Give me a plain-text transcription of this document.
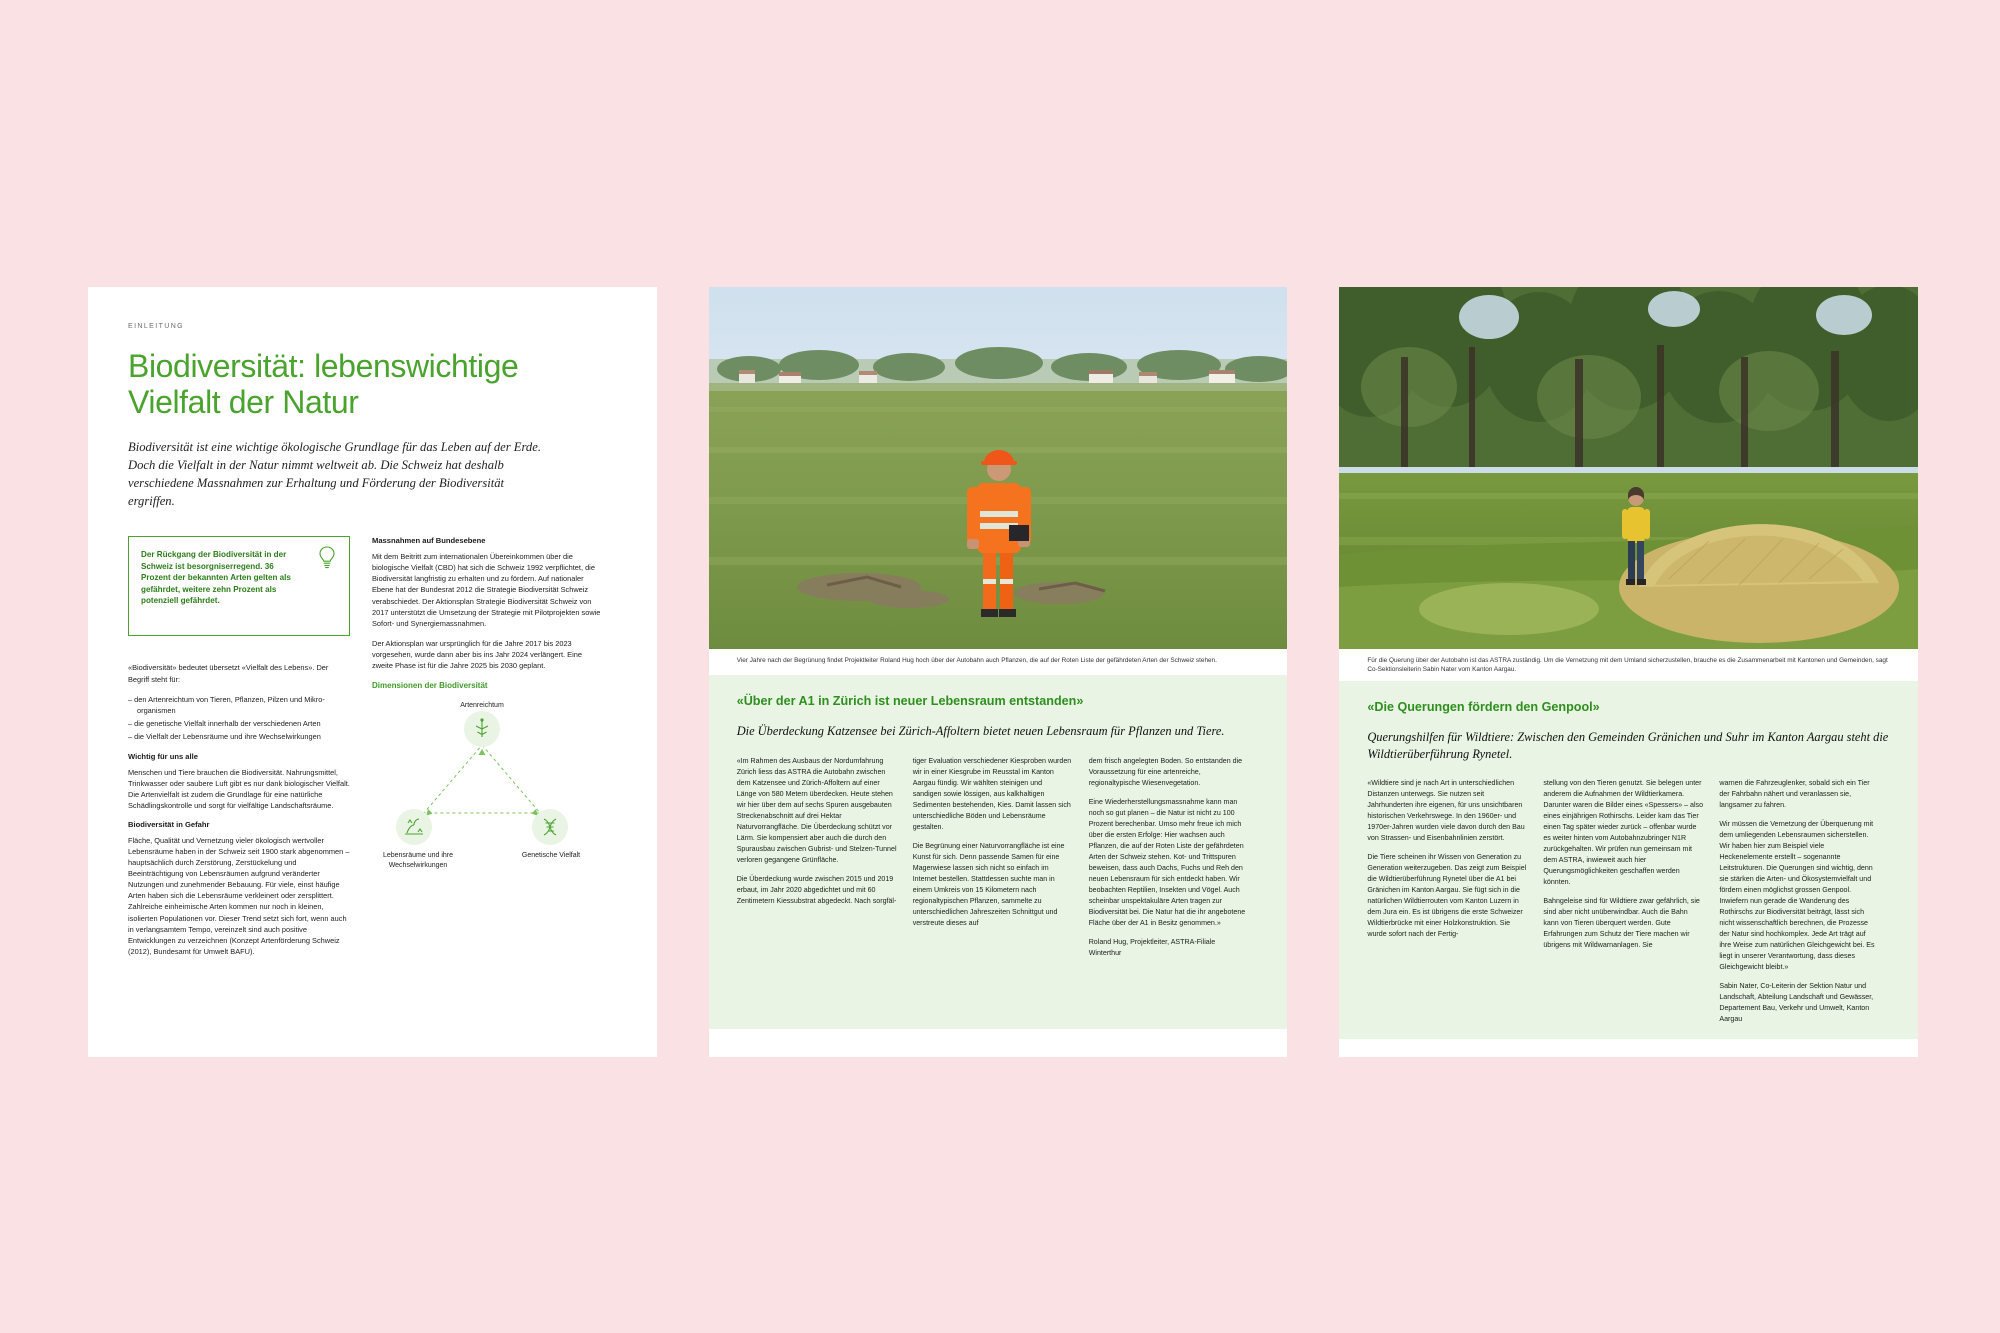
EINLEITUNG
Biodiversität: lebenswichtige Vielfalt der Natur

Biodiversität ist eine wichtige ökologische Grundlage für das Leben auf der Erde. Doch die Vielfalt in der Natur nimmt weltweit ab. Die Schweiz hat deshalb verschiedene Massnahmen zur Erhaltung und Förderung der Biodiversität ergriffen.

Der Rückgang der Biodiversität in der Schweiz ist besorgniserregend. 36 Prozent der bekannten Arten gelten als gefährdet, weitere zehn Prozent als potenziell gefährdet.

«Biodiversität» bedeutet übersetzt «Vielfalt des Lebens». Der Begriff steht für:

– den Artenreichtum von Tieren, Pflanzen, Pilzen und Mikroorganismen
– die genetische Vielfalt innerhalb der verschiedenen Arten
– die Vielfalt der Lebensräume und ihre Wechselwirkungen
Wichtig für uns alle

Menschen und Tiere brauchen die Biodiversität. Nahrungsmittel, Trinkwasser oder saubere Luft gibt es nur dank biologischer Vielfalt. Die Artenvielfalt ist zudem die Grundlage für eine natürliche Schädlingskontrolle und sorgt für vielfältige Landschaftsräume.

Biodiversität in Gefahr

Fläche, Qualität und Vernetzung vieler ökologisch wertvoller Lebensräume haben in der Schweiz seit 1900 stark abgenommen – hauptsächlich durch Zerstörung, Zerstückelung und Beeinträchtigung von Lebensräumen aufgrund veränderter Nutzungen und zunehmender Bebauung. Für viele, einst häufige Arten haben sich die Lebensräume verkleinert oder zersplittert. Zahlreiche einheimische Arten kommen nur noch in kleinen, isolierten Populationen vor. Dieser Trend setzt sich fort, wenn auch in verlangsamtem Tempo, vereinzelt sind auch positive Entwicklungen zu verzeichnen (Konzept Artenförderung Schweiz (2012), Bundesamt für Umwelt BAFU).

Massnahmen auf Bundesebene

Mit dem Beitritt zum internationalen Übereinkommen über die biologische Vielfalt (CBD) hat sich die Schweiz 1992 verpflichtet, die Biodiversität langfristig zu erhalten und zu fördern. Auf nationaler Ebene hat der Bundesrat 2012 die Strategie Biodiversität Schweiz verabschiedet. Der Aktionsplan Strategie Biodiversität Schweiz von 2017 unterstützt die Umsetzung der Strategie mit Pilotprojekten sowie Sofort- und Synergiemassnahmen.

Der Aktionsplan war ursprünglich für die Jahre 2017 bis 2023 vorgesehen, wurde dann aber bis ins Jahr 2024 verlängert. Eine zweite Phase ist für die Jahre 2025 bis 2030 geplant.

Dimensionen der Biodiversität
Artenreichtum
Lebensräume und ihre Wechselwirkungen
Genetische Vielfalt
Vier Jahre nach der Begrünung findet Projektleiter Roland Hug hoch über der Autobahn auch Pflanzen, die auf der Roten Liste der gefährdeten Arten der Schweiz stehen.
«Über der A1 in Zürich ist neuer Lebensraum entstanden»

Die Überdeckung Katzensee bei Zürich-Affoltern bietet neuen Lebensraum für Pflanzen und Tiere.

«Im Rahmen des Ausbaus der Nordumfahrung Zürich liess das ASTRA die Autobahn zwischen dem Katzensee und Zürich-Affoltern auf einer Länge von 580 Metern überdecken. Heute stehen wir hier über dem auf sechs Spuren ausgebauten Streckenabschnitt auf drei Hektar Naturvorrangfläche. Die Überdeckung schützt vor Lärm. Sie kompensiert aber auch die durch den Spurausbau zwischen Gubrist- und Stelzen-Tunnel verloren gegangene Grünfläche.

Die Überdeckung wurde zwischen 2015 und 2019 erbaut, im Jahr 2020 abgedichtet und mit 60 Zentimetern Kiessubstrat abgedeckt. Nach sorgfäl-

tiger Evaluation verschiedener Kiesproben wurden wir in einer Kiesgrube im Reusstal im Kanton Aargau fündig. Wir wählten steinigen und sandigen sowie lössigen, aus kalkhaltigen Sedimenten bestehenden, Kies. Damit lassen sich unterschiedliche Böden und Lebensräume gestalten.

Die Begrünung einer Naturvorrangfläche ist eine Kunst für sich. Denn passende Samen für eine Magerwiese lassen sich nicht so einfach im Internet bestellen. Stattdessen suchte man in einem Umkreis von 15 Kilometern nach regionaltypischen Pflanzen, sammelte zu unterschiedlichen Jahreszeiten Schnittgut und verstreute dieses auf

dem frisch angelegten Boden. So entstanden die Voraussetzung für eine artenreiche, regionaltypische Wiesenvegetation.

Eine Wiederherstellungsmassnahme kann man noch so gut planen – die Natur ist nicht zu 100 Prozent berechenbar. Umso mehr freue ich mich über die ersten Erfolge: Hier wachsen auch Pflanzen, die auf der Roten Liste der gefährdeten Arten der Schweiz stehen. Kot- und Trittspuren beweisen, dass auch Dachs, Fuchs und Reh den neuen Lebensraum für sich entdeckt haben. Wir beobachten Reptilien, Insekten und Vögel. Auch scheinbar unspektakuläre Arten tragen zur Biodiversität bei. Die Natur hat die ihr angebotene Fläche über der A1 in Besitz genommen.»

Roland Hug, Projektleiter, ASTRA-Filiale Winterthur

Für die Querung über der Autobahn ist das ASTRA zuständig. Um die Vernetzung mit dem Umland sicherzustellen, brauche es die Zusammenarbeit mit Kantonen und Gemeinden, sagt Co-Sektionsleiterin Sabin Nater vom Kanton Aargau.
«Die Querungen fördern den Genpool»

Querungshilfen für Wildtiere: Zwischen den Gemeinden Gränichen und Suhr im Kanton Aargau steht die Wildtierüberführung Rynetel.

«Wildtiere sind je nach Art in unterschiedlichen Distanzen unterwegs. Sie nutzen seit Jahrhunderten ihre eigenen, für uns unsichtbaren historischen Verkehrswege. In den 1960er- und 1970er-Jahren wurden viele davon durch den Bau von Strassen- und Eisenbahnlinien zerstört.

Die Tiere scheinen ihr Wissen von Generation zu Generation weiterzugeben. Das zeigt zum Beispiel die Wildtierüberführung Rynetel über die A1 bei Gränichen im Kanton Aargau. Sie fügt sich in die natürlichen Wildtierrouten vom Kanton Luzern in dem Jura ein. Es ist übrigens die erste Schweizer Wildtierbrücke mit einer Holzkonstruktion. Sie wurde sofort nach der Fertig-

stellung von den Tieren genutzt. Sie belegen unter anderem die Aufnahmen der Wildtierkamera. Darunter waren die Bilder eines «Spessers» – also eines einjährigen Rothirschs. Leider kam das Tier einen Tag später wieder zurück – offenbar wurde es weiter hinten vom Autobahnzubringer N1R zurückgehalten. Wir prüfen nun gemeinsam mit dem ASTRA, inwieweit auch hier Querungsmöglichkeiten geschaffen werden könnten.

Bahngeleise sind für Wildtiere zwar gefährlich, sie sind aber nicht unüberwindbar. Auch die Bahn kann von Tieren überquert werden. Gute Erfahrungen zum Schutz der Tiere machen wir übrigens mit Wildwarnanlagen. Sie

warnen die Fahrzeuglenker, sobald sich ein Tier der Fahrbahn nähert und veranlassen sie, langsamer zu fahren.

Wir müssen die Vernetzung der Überquerung mit dem umliegenden Lebensraumen sicherstellen. Wir haben hier zum Beispiel viele Heckenelemente erstellt – sogenannte Leitstrukturen. Die Querungen sind wichtig, denn sie stärken die Arten- und Ökosystemvielfalt und fördern einen möglichst grossen Genpool. Inwiefern nun gerade die Wanderung des Rothirschs zur Biodiversität beiträgt, lässt sich nicht wissenschaftlich berechnen, die Prozesse der Natur sind hochkomplex. Jede Art trägt auf ihre Weise zum natürlichen Gleichgewicht bei. Es liegt in unserer Verantwortung, dass dieses Gleichgewicht bleibt.»

Sabin Nater, Co-Leiterin der Sektion Natur und Landschaft, Abteilung Landschaft und Gewässer, Departement Bau, Verkehr und Umwelt, Kanton Aargau
